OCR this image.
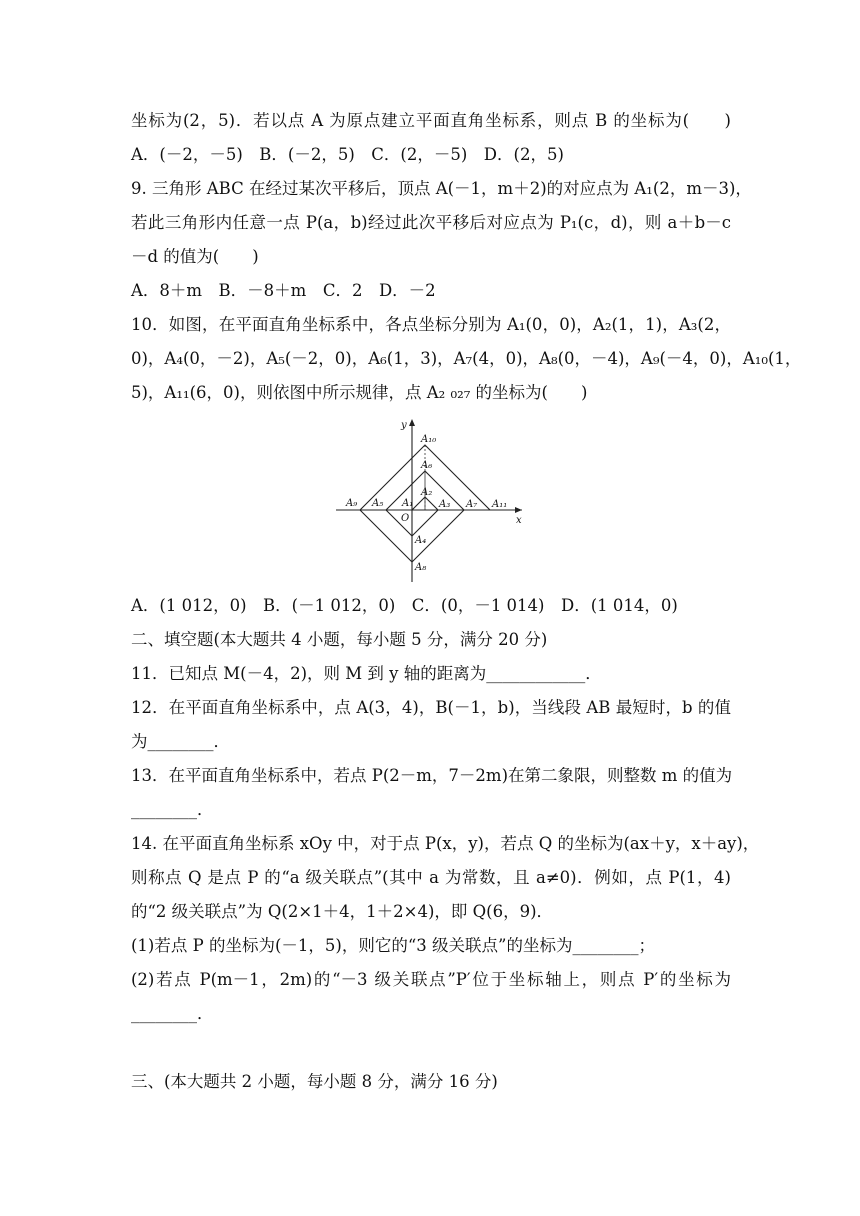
坐标为(2，5)．若以点 A 为原点建立平面直角坐标系，则点 B 的坐标为(　　)
A．(－2，－5)　B．(－2，5)　C．(2，－5)　D．(2，5)
9. 三角形 ABC 在经过某次平移后，顶点 A(－1，m＋2)的对应点为 A₁(2，m－3)，
若此三角形内任意一点 P(a，b)经过此次平移后对应点为 P₁(c，d)，则 a＋b－c
－d 的值为(　　)
A．8＋m　B．－8＋m　C．2　D．－2
10．如图，在平面直角坐标系中，各点坐标分别为 A₁(0，0)，A₂(1，1)，A₃(2，
0)，A₄(0，－2)，A₅(－2，0)，A₆(1，3)，A₇(4，0)，A₈(0，－4)，A₉(－4，0)，A₁₀(1，
5)，A₁₁(6，0)，则依图中所示规律，点 A₂ ₀₂₇ 的坐标为(　　)
x
y
O
A₁
A₂
A₃
A₄
A₅
A₆
A₇
A₈
A₉
A₁₀
A₁₁
A．(1 012，0)　B．(－1 012，0)　C．(0，－1 014)　D．(1 014，0)
二、填空题(本大题共 4 小题，每小题 5 分，满分 20 分)
11．已知点 M(－4，2)，则 M 到 y 轴的距离为____________．
12．在平面直角坐标系中，点 A(3，4)，B(－1，b)，当线段 AB 最短时，b 的值
为________．
13．在平面直角坐标系中，若点 P(2－m，7－2m)在第二象限，则整数 m 的值为
________．
14. 在平面直角坐标系 xOy 中，对于点 P(x，y)，若点 Q 的坐标为(ax＋y，x＋ay)，
则称点 Q 是点 P 的“a 级关联点”(其中 a 为常数，且 a≠0)．例如，点 P(1，4)
的“2 级关联点”为 Q(2×1＋4，1＋2×4)，即 Q(6，9)．
(1)若点 P 的坐标为(－1，5)，则它的“3 级关联点”的坐标为________；
(2)若点 P(m－1，2m)的“－3 级关联点”P′位于坐标轴上，则点 P′的坐标为
________．
三、(本大题共 2 小题，每小题 8 分，满分 16 分)
